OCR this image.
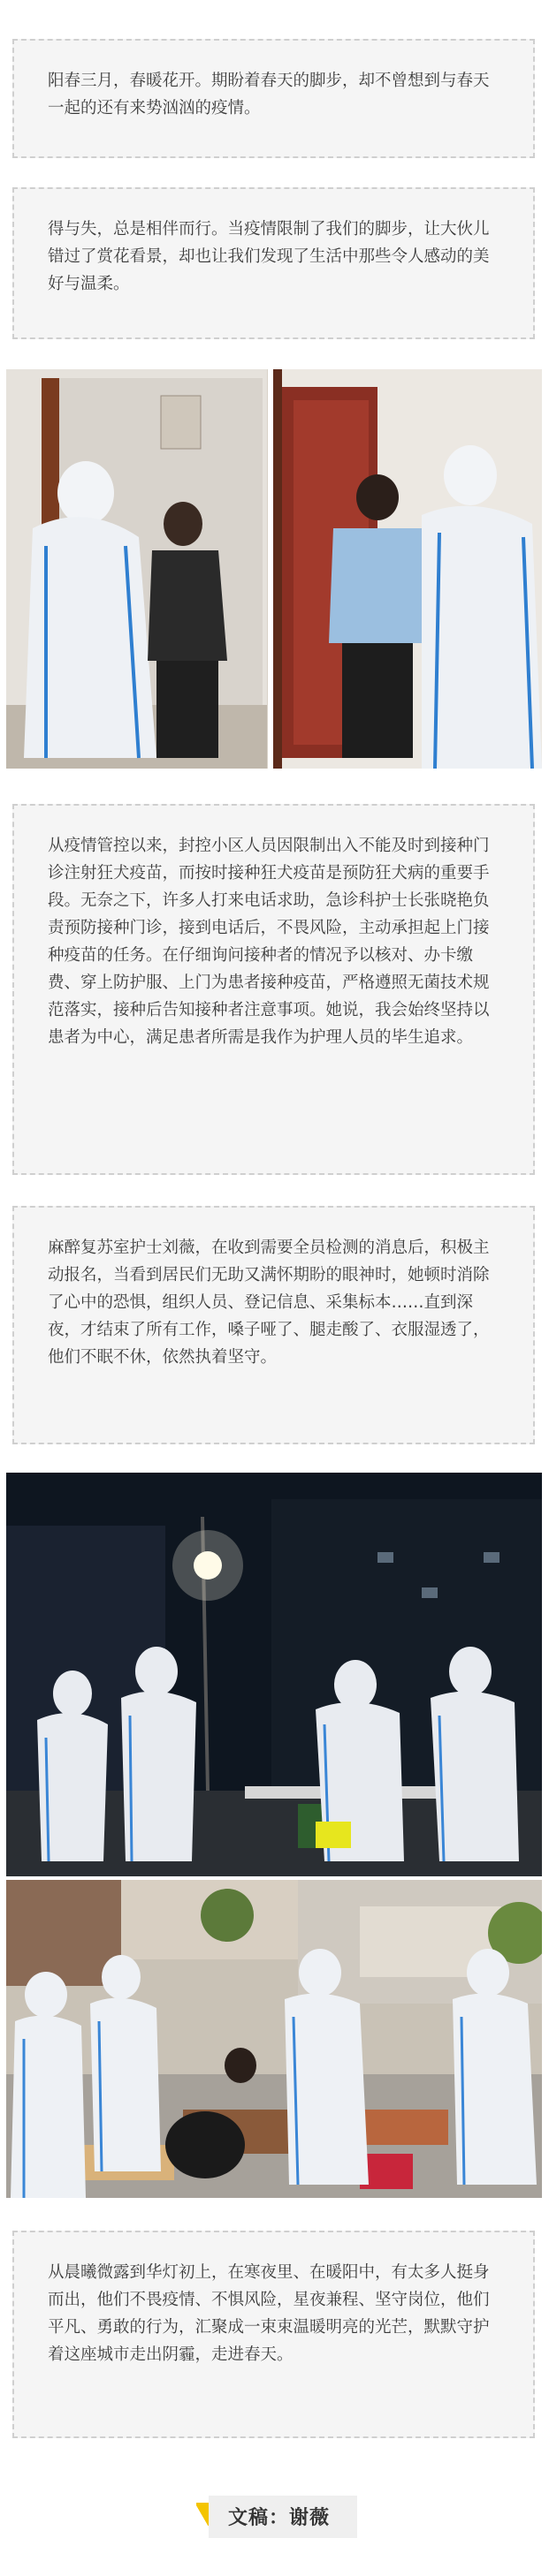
阳春三月，春暖花开。期盼着春天的脚步，却不曾想到与春天一起的还有来势汹汹的疫情。

得与失，总是相伴而行。当疫情限制了我们的脚步，让大伙儿错过了赏花看景，却也让我们发现了生活中那些令人感动的美好与温柔。

从疫情管控以来，封控小区人员因限制出入不能及时到接种门诊注射狂犬疫苗，而按时接种狂犬疫苗是预防狂犬病的重要手段。无奈之下，许多人打来电话求助，急诊科护士长张晓艳负责预防接种门诊，接到电话后，不畏风险，主动承担起上门接种疫苗的任务。在仔细询问接种者的情况予以核对、办卡缴费、穿上防护服、上门为患者接种疫苗，严格遵照无菌技术规范落实，接种后告知接种者注意事项。她说，我会始终坚持以患者为中心，满足患者所需是我作为护理人员的毕生追求。

麻醉复苏室护士刘薇，在收到需要全员检测的消息后，积极主动报名，当看到居民们无助又满怀期盼的眼神时，她顿时消除了心中的恐惧，组织人员、登记信息、采集标本……直到深夜，才结束了所有工作，嗓子哑了、腿走酸了、衣服湿透了，他们不眠不休，依然执着坚守。

从晨曦微露到华灯初上，在寒夜里、在暖阳中，有太多人挺身而出，他们不畏疫情、不惧风险，星夜兼程、坚守岗位，他们平凡、勇敢的行为，汇聚成一束束温暖明亮的光芒，默默守护着这座城市走出阴霾，走进春天。

文稿：谢薇
